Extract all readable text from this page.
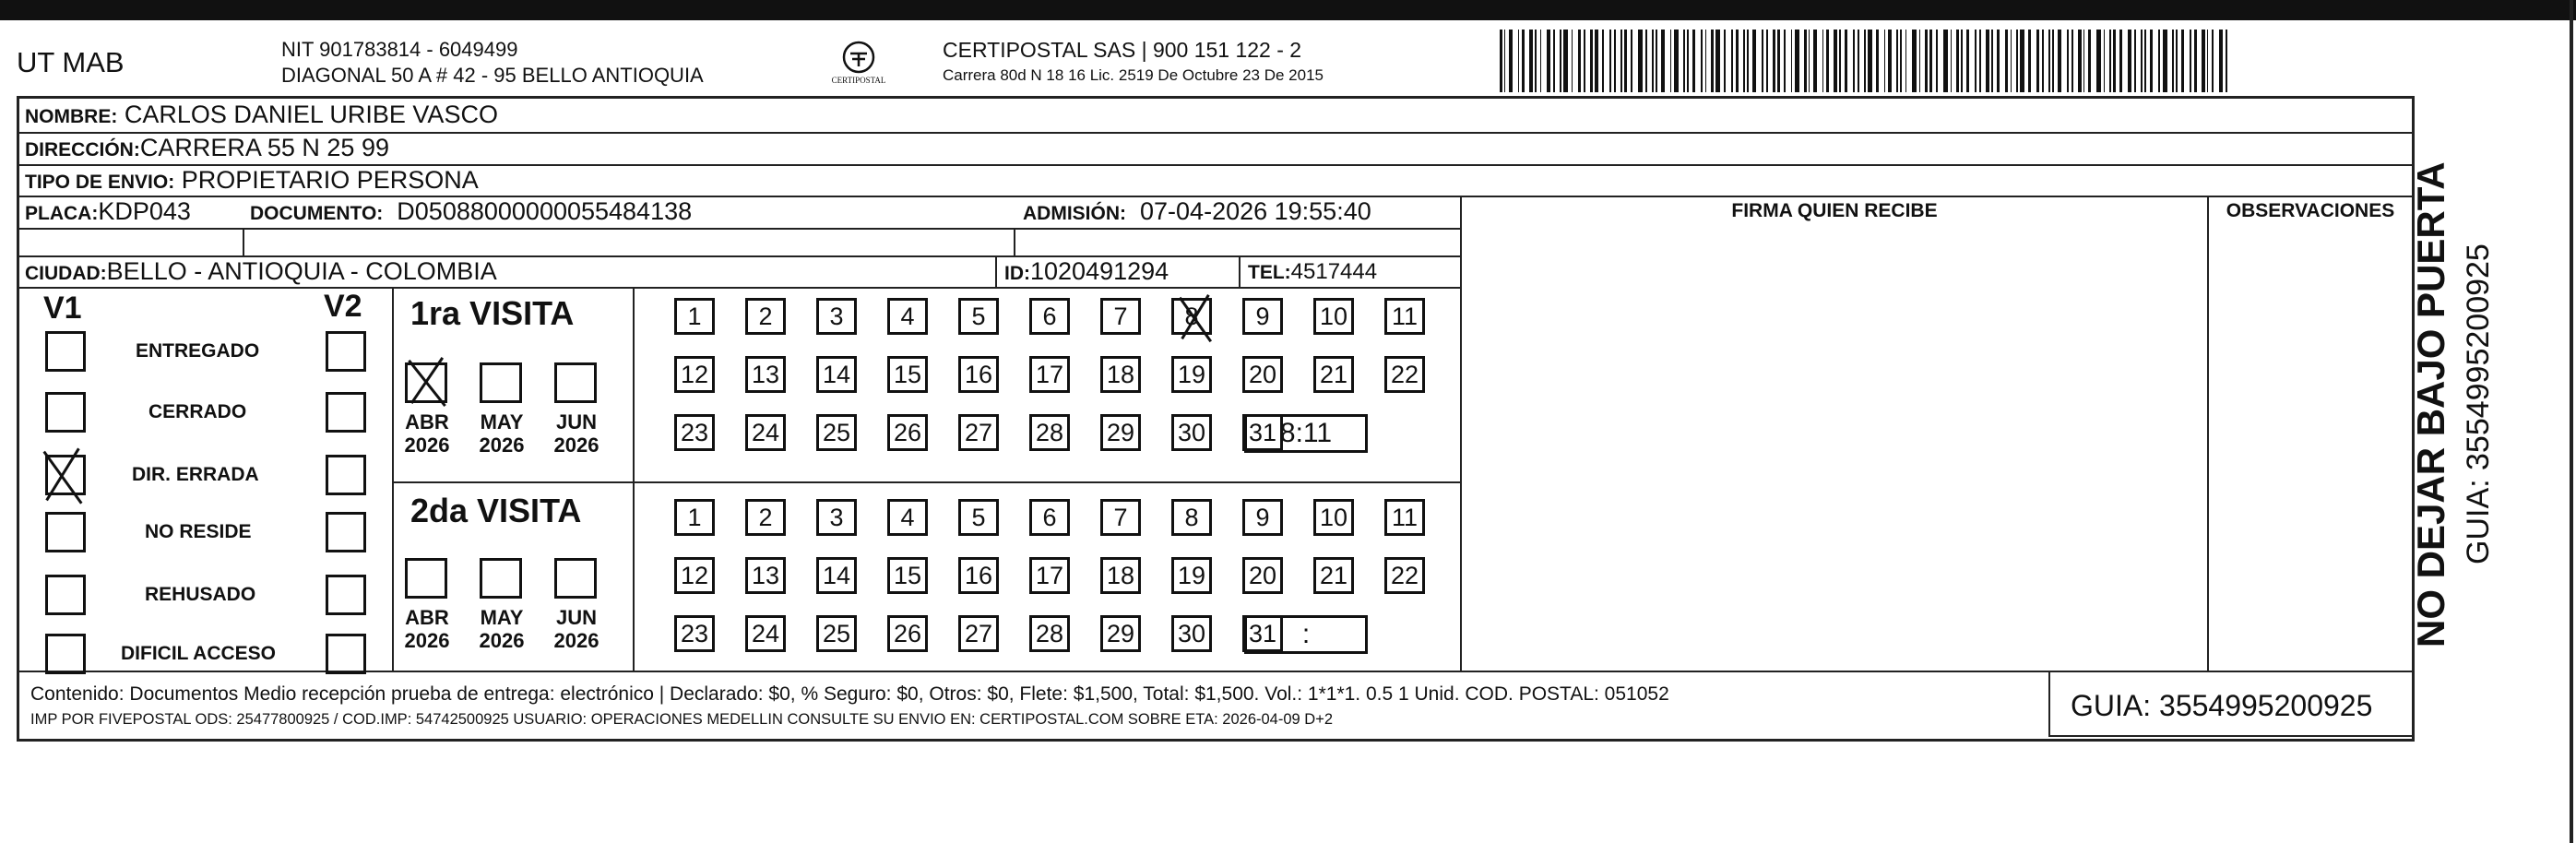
UT MAB	NIT 901783814 - 6049499
DIAGONAL 50 A # 42 - 95 BELLO ANTIOQUIA	CERTIPOSTAL
CERTIPOSTAL SAS | 900 151 122 - 2
Carrera 80d N 18 16 Lic. 2519 De Octubre 23 De 2015
NOMBRE: CARLOS DANIEL URIBE VASCO
DIRECCIÓN:CARRERA 55 N 25 99
TIPO DE ENVIO: PROPIETARIO PERSONA
PLACA:KDP043	DOCUMENTO: D05088000000055484138	ADMISIÓN: 07-04-2026 19:55:40
CIUDAD:BELLO - ANTIOQUIA - COLOMBIA	ID:1020491294	TEL:4517444
FIRMA QUIEN RECIBE	OBSERVACIONES
V1	V2 1ra VISITA
2da VISITA
Contenido: Documentos Medio recepción prueba de entrega: electrónico | Declarado: $0, % Seguro: $0, Otros: $0, Flete: $1,500, Total: $1,500. Vol.: 1*1*1. 0.5 1 Unid. COD. POSTAL: 051052
IMP POR FIVEPOSTAL ODS: 25477800925 / COD.IMP: 54742500925 USUARIO: OPERACIONES MEDELLIN CONSULTE SU ENVIO EN: CERTIPOSTAL.COM SOBRE ETA: 2026-04-09 D+2	GUIA: 3554995200925
ENTREGADO
CERRADO
DIR. ERRADA
NO RESIDE
REHUSADO
DIFICIL ACCESO
ABR
2026
MAY
2026
JUN
2026
ABR
2026
MAY
2026
JUN
2026
1	2	3	4	5	6	7	8	9	10 11
12 13 14 15 16 17 18 19 20 21 22
23 24 25 26 27 28 29 30 31 8:11
1	2	3	4	5	6	7	8	9	10 11
12 13 14 15 16 17 18 19 20 21 22
23 24 25 26 27 28 29 30 31 :	NO DEJAR BAJO PUERTA GUIA: 3554995200925
